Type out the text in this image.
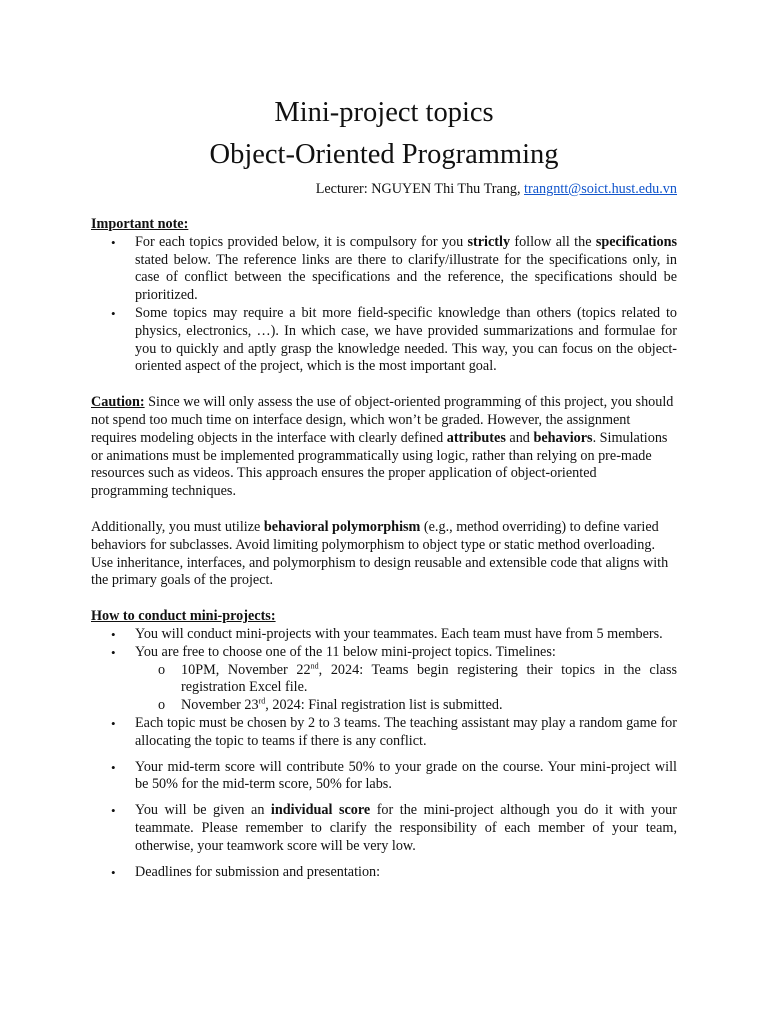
Mini-project topics
Object-Oriented Programming
Lecturer: NGUYEN Thi Thu Trang, trangntt@soict.hust.edu.vn
Important note:
• For each topics provided below, it is compulsory for you strictly follow all the specifications stated below. The reference links are there to clarify/illustrate for the specifications only, in case of conflict between the specifications and the reference, the specifications should be prioritized.
• Some topics may require a bit more field-specific knowledge than others (topics related to physics, electronics, …). In which case, we have provided summarizations and formulae for you to quickly and aptly grasp the knowledge needed. This way, you can focus on the object-oriented aspect of the project, which is the most important goal.
Caution: Since we will only assess the use of object-oriented programming of this project, you should not spend too much time on interface design, which won’t be graded. However, the assignment requires modeling objects in the interface with clearly defined attributes and behaviors. Simulations or animations must be implemented programmatically using logic, rather than relying on pre-made resources such as videos. This approach ensures the proper application of object-oriented programming techniques.
Additionally, you must utilize behavioral polymorphism (e.g., method overriding) to define varied behaviors for subclasses. Avoid limiting polymorphism to object type or static method overloading. Use inheritance, interfaces, and polymorphism to design reusable and extensible code that aligns with the primary goals of the project.
How to conduct mini-projects:
• You will conduct mini-projects with your teammates. Each team must have from 5 members.
• You are free to choose one of the 11 below mini-project topics. Timelines:
o 10PM, November 22nd, 2024: Teams begin registering their topics in the class registration Excel file.
o November 23rd, 2024: Final registration list is submitted.
• Each topic must be chosen by 2 to 3 teams. The teaching assistant may play a random game for allocating the topic to teams if there is any conflict.
• Your mid-term score will contribute 50% to your grade on the course. Your mini-project will be 50% for the mid-term score, 50% for labs.
• You will be given an individual score for the mini-project although you do it with your teammate. Please remember to clarify the responsibility of each member of your team, otherwise, your teamwork score will be very low.
• Deadlines for submission and presentation:
